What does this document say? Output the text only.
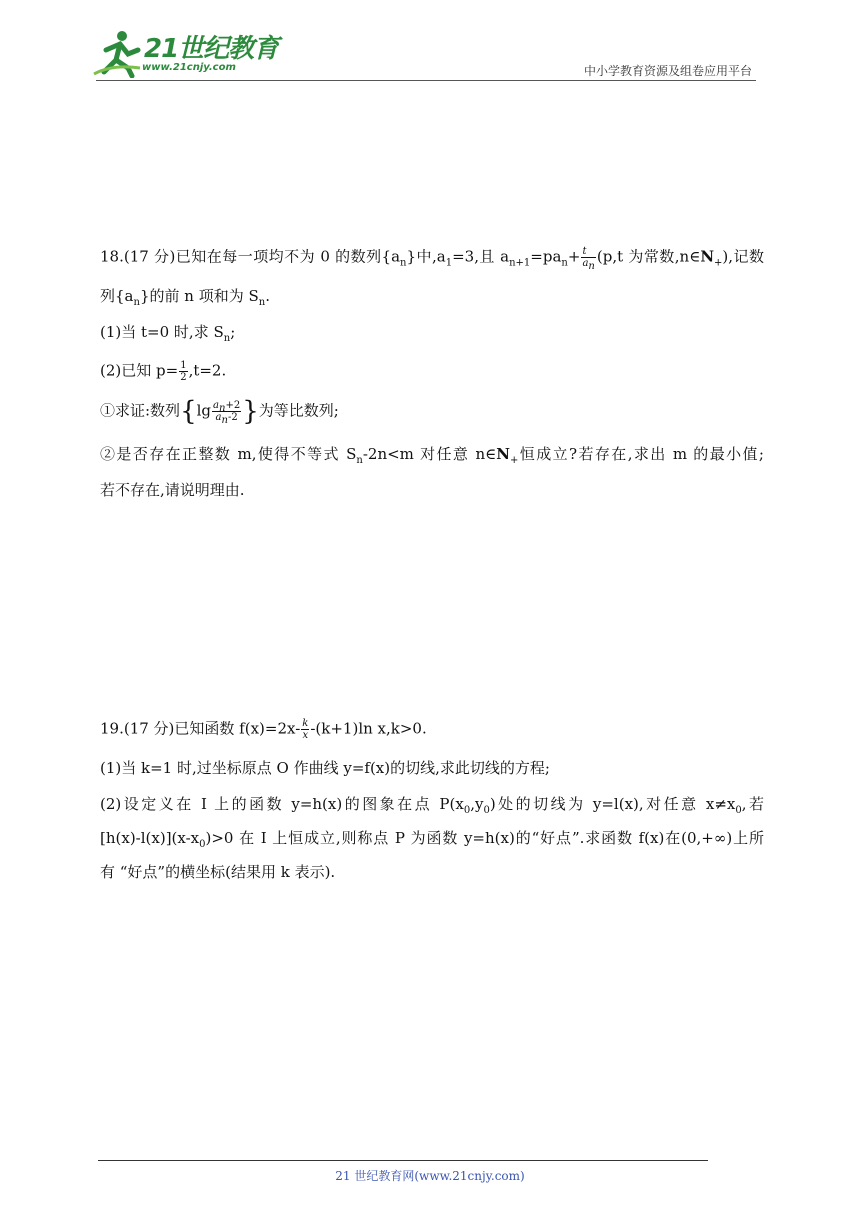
21世纪教育
www.21cnjy.com	中小学教育资源及组卷应用平台
18.(17 分)已知在每一项均不为 0 的数列$\{a_n\}$中$,a_1=3$,且 $a_{n+1}=pa_n+ \frac{t}{a_n} (p,t$ 为常数$,n\in N_+$),记数
列$\{a_n\}$的前 n 项和为 $S_n$.
(1)当 t=0 时,求 $S_n$;
(2)已知 $p= \frac{1}{2} ,t=2$.
①求证:数列{$\lg \frac{a_n+2}{a_n-2}$ }为等比数列;
②是否存在正整数 m,使得不等式 $S_n-2n<m$ 对任意 $n\in N_+$恒成立?若存在,求出 m 的最小值;
若不存在,请说明理由.
19.(17 分)已知函数 $f(x)=2x- \frac{k}{x} -(k+1)\ln$ x,k>0.
(1)当 k=1 时,过坐标原点 O 作曲线 y=f(x)的切线,求此切线的方程;
(2)设定义在 I 上的函数 y=h(x)的图象在点 $P(x_0,y_0)$处的切线为 y=l(x),对任意 $x\ne x_0$,若
$[h(x)-l(x)](x-x_0)>0$ 在 I 上恒成立,则称点 P 为函数 y=h(x)的“好点”.求函数 f(x)在(0,+∞)上所
有 “好点”的横坐标(结果用 k 表示).
21 世纪教育网(www.21cnjy.com)
